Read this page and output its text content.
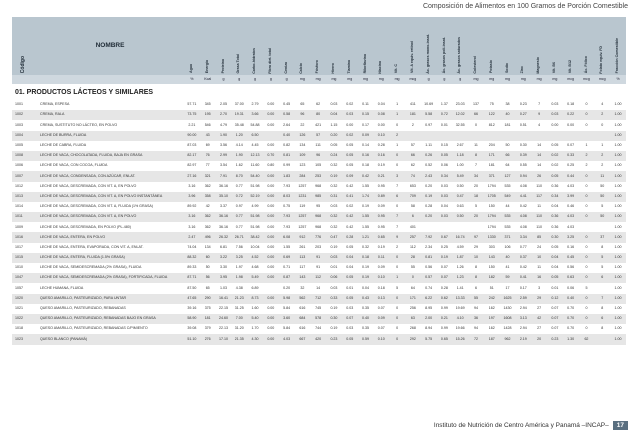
Composición de Alimentos en 100 Gramos de Porción Comestible
Código	NOMBRE	Agua	Energía	Proteína	Grasa Total	Carbo-hidratos	Fibra diet. total	Ceniza	Calcio	Fósforo	Hierro	Tiamina	Riboflavina	Niacina	Vit. C	Vit. A equiv. retinol	Ác. grasos mono-insat.	Ác. grasos poli-insat.	Ác. grasos saturados	Colesterol	Potasio	Sodio	Zinc	Magnesio	Vit. B6	Vit. B12	Ác. Fólico	Folato equiv. FD	Fracción Comestible
		%	Kcal	g	g	g	g	g	mg	mg	mg	mg	mg	mg	mg	mcg	g	g	g	mg	mg	mg	mg	mg	mg	mcg	mcg	mcg	%
01. PRODUCTOS LÁCTEOS Y SIMILARES																													
1001	CREMA, ESPESA	57.71	345	2.05	37.00	2.79	0.00	0.45	65	62	0.03	0.02	0.11	0.04	1	411	10.69	1.37	23.03	137	75	38	0.23	7	0.03	0.18	0	4	1.00
1002	CREMA, RALA	73.75	195	2.70	19.31	3.66	0.00	0.58	96	80	0.04	0.03	0.15	0.08	1	181	5.58	0.72	12.02	66	122	40	0.27	9	0.03	0.22	0	2	1.00
1003	CREMA, SUSTITUTO NO LÁCTEO, EN POLVO	2.21	546	4.79	35.48	54.88	0.00	2.64	22	421	1.15	0.00	0.17	0.00	0	2	0.97	0.01	32.55	0	812	181	0.51	4	0.00	0.00	0	0	1.00
1004	LECHE DE BURRA, FLUIDA	90.00	43	1.90	1.20	6.50		0.40	126	57	0.20	0.02	0.09	0.10	2														1.00
1005	LECHE DE CABRA, FLUIDA	87.03	69	3.56	4.14	4.45	0.00	0.82	134	111	0.05	0.05	0.14	0.28	1	57	1.11	0.15	2.67	11	204	50	0.30	14	0.05	0.07	1	1	1.00
1008	LECHE DE VACA, CHOCOLATADA, FLUIDA, BAJA EN GRASA	82.17	76	2.99	1.90	12.13	0.70	0.81	109	96	0.24	0.05	0.16	0.16	0	66	0.26	0.05	1.18	8	171	66	0.39	14	0.02	0.33	2	2	1.00
1006	LECHE DE VACA, CON COCOA, FLUIDA	82.97	77	3.54	1.62	11.60	0.80	0.99	123	105	0.32	0.05	0.18	0.19	0	62	0.52	0.06	1.00	7	181	64	0.55	14	0.02	0.25	2	2	1.00
1007	LECHE DE VACA, CONDENSADA, CON AZÚCAR, ENLAT.	27.16	321	7.91	8.70	54.40	0.00	1.83	284	253	0.19	0.09	0.42	0.21	3	74	2.43	0.34	5.49	34	371	127	0.94	26	0.05	0.44	0	11	1.00
1012	LECHE DE VACA, DESCREMADA, CON VIT. A, EN POLVO	3.16	362	36.16	0.77	51.98	0.00	7.93	1257	968	0.32	0.42	1.55	0.95	7	653	0.20	0.03	0.50	20	1794	535	4.08	110	0.36	4.03	0	50	1.00
1013	LECHE DE VACA, DESCREMADA, CON VIT. A, EN POLVO INSTANTÁNEA	3.96	358	35.10	0.72	52.19	0.00	8.03	1231	985	0.31	0.41	1.74	0.89	6	709	0.19	0.03	0.47	18	1705	549	4.41	117	0.34	3.99	0	50	1.00
1014	LECHE DE VACA, DESCREMADA, CON VIT. A, FLUIDA (1% GRASA)	89.92	42	3.37	0.97	4.99	0.00	0.75	119	95	0.03	0.02	0.19	0.09	0	58	0.28	0.04	0.63	5	150	44	0.42	11	0.04	0.46	0	5	1.00
1011	LECHE DE VACA, DESCREMADA, CON VIT. A, EN POLVO	3.16	362	36.16	0.77	51.98	0.00	7.93	1257	968	0.32	0.42	1.55	0.95	7	6	0.20	0.03	0.50	20	1794	535	4.08	110	0.36	4.03	0	50	1.00
1009	LECHE DE VACA, DESCREMADA, EN POLVO (PL-480)	3.16	362	36.16	0.77	51.98	0.00	7.93	1257	968	0.32	0.42	1.55	0.95	7	401					1794	535	4.08	110	0.36	4.03			1.00
1016	LECHE DE VACA, ENTERA, EN POLVO	2.47	496	26.32	26.71	38.42	0.00	6.08	912	776	0.47	0.28	1.21	0.65	9	257	7.92	0.67	16.74	97	1330	371	3.34	85	0.30	3.25	0	37	1.00
1017	LECHE DE VACA, ENTERA, EVAPORADA, CON VIT. A, ENLAT.	74.04	134	6.81	7.56	10.04	0.00	1.55	261	203	0.19	0.05	0.32	0.19	2	112	2.34	0.25	4.59	29	303	106	0.77	24	0.05	0.16	0	8	1.00
1015	LECHE DE VACA, ENTERA, FLUIDA (1.5% GRASA)	88.32	60	3.22	3.25	4.52	0.00	0.69	113	91	0.03	0.04	0.18	0.11	0	28	0.81	0.19	1.87	10	143	40	0.37	10	0.04	0.45	0	5	1.00
1010	LECHE DE VACA, SEMIDESCREMADA (2% GRASA), FLUIDA	89.33	50	3.30	1.97	4.68	0.00	0.71	117	91	0.01	0.04	0.19	0.09	0	55	0.56	0.07	1.26	8	150	41	0.42	11	0.04	0.56	0	5	1.00
1047	LECHE DE VACA, SEMIDESCREMADA (2% GRASA), FORTIFICADA, FLUIDA	87.71	56	3.95	1.98	5.49	0.00	0.87	143	112	0.06	0.05	0.19	0.10	1	0	0.57	0.07	1.23	8	182	59	0.41	16	0.05	0.63	0	6	1.00
1057	LECHE HUMANA, FLUIDA	87.50	65	1.03	4.38	6.89		0.20	32	14	0.03	0.01	0.04	0.18	5	64	0.74	0.28	1.41	6	51	17	0.17	3	0.01	0.06	5		1.00
1020	QUESO AMARILLO, PASTEURIZADO, PARA UNTAR	47.65	290	16.41	21.23	8.73	0.00	5.98	562	712	0.33	0.05	0.43	0.13	0	171	6.22	0.62	13.33	55	242	1625	2.59	29	0.12	0.40	0	7	1.00
1021	QUESO AMARILLO, PASTEURIZADO, REBANADAS	39.16	375	22.15	31.25	1.60	0.00	5.84	616	745	0.19	0.03	0.35	0.07	0	256	8.95	0.99	19.69	94	162	1430	2.94	27	0.07	0.70	0	8	1.00
1022	QUESO AMARILLO, PASTEURIZADO, REBANADAS BAJO EN GRASA	58.90	181	24.60	7.00	5.40	0.00	3.60	684	578	0.30	0.07	0.40	0.09	0	63	2.00	0.21	4.10	36	197	1608	3.13	42	0.07	0.70	0	6	1.00
1018	QUESO AMARILLO, PASTEURIZADO, REBANADAS C/PIMIENTO	39.08	379	22.13	31.20	1.70	0.00	5.84	616	744	0.19	0.03	0.35	0.07	0	268	8.94	0.99	19.66	94	162	1428	2.94	27	0.07	0.70	0	8	1.00
1023	QUESO BLANCO (PANAMÁ)	51.10	276	17.10	21.35	4.30	0.00	4.03	667	420	0.23	0.05	0.59	0.10	0	292	5.75	0.65	15.26	72	187	962	2.19	20	0.23	1.30	62		1.00
Instituto de Nutrición de Centro América y Panamá –INCAP–	17
